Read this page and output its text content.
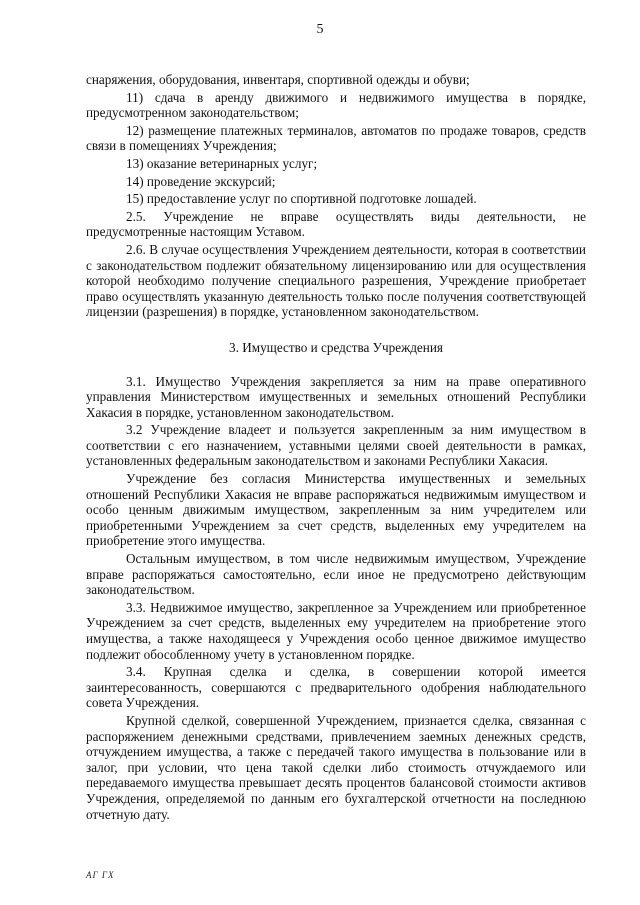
5

снаряжения, оборудования, инвентаря, спортивной одежды и обуви;

11) сдача в аренду движимого и недвижимого имущества в порядке, предусмотренном законодательством;

12) размещение платежных терминалов, автоматов по продаже товаров, средств связи в помещениях Учреждения;

13) оказание ветеринарных услуг;

14) проведение экскурсий;

15) предоставление услуг по спортивной подготовке лошадей.

2.5. Учреждение не вправе осуществлять виды деятельности, не предусмотренные настоящим Уставом.

2.6. В случае осуществления Учреждением деятельности, которая в соответствии с законодательством подлежит обязательному лицензированию или для осуществления которой необходимо получение специального разрешения, Учреждение приобретает право осуществлять указанную деятельность только после получения соответствующей лицензии (разрешения) в порядке, установленном законодательством.

3. Имущество и средства Учреждения

3.1. Имущество Учреждения закрепляется за ним на праве оперативного управления Министерством имущественных и земельных отношений Республики Хакасия в порядке, установленном законодательством.

3.2 Учреждение владеет и пользуется закрепленным за ним имуществом в соответствии с его назначением, уставными целями своей деятельности в рамках, установленных федеральным законодательством и законами Республики Хакасия.

Учреждение без согласия Министерства имущественных и земельных отношений Республики Хакасия не вправе распоряжаться недвижимым имуществом и особо ценным движимым имуществом, закрепленным за ним учредителем или приобретенными Учреждением за счет средств, выделенных ему учредителем на приобретение этого имущества.

Остальным имуществом, в том числе недвижимым имуществом, Учреждение вправе распоряжаться самостоятельно, если иное не предусмотрено действующим законодательством.

3.3. Недвижимое имущество, закрепленное за Учреждением или приобретенное Учреждением за счет средств, выделенных ему учредителем на приобретение этого имущества, а также находящееся у Учреждения особо ценное движимое имущество подлежит обособленному учету в установленном порядке.

3.4. Крупная сделка и сделка, в совершении которой имеется заинтересованность, совершаются с предварительного одобрения наблюдательного совета Учреждения.

Крупной сделкой, совершенной Учреждением, признается сделка, связанная с распоряжением денежными средствами, привлечением заемных денежных средств, отчуждением имущества, а также с передачей такого имущества в пользование или в залог, при условии, что цена такой сделки либо стоимость отчуждаемого или передаваемого имущества превышает десять процентов балансовой стоимости активов Учреждения, определяемой по данным его бухгалтерской отчетности на последнюю отчетную дату.

АГ ГХ
